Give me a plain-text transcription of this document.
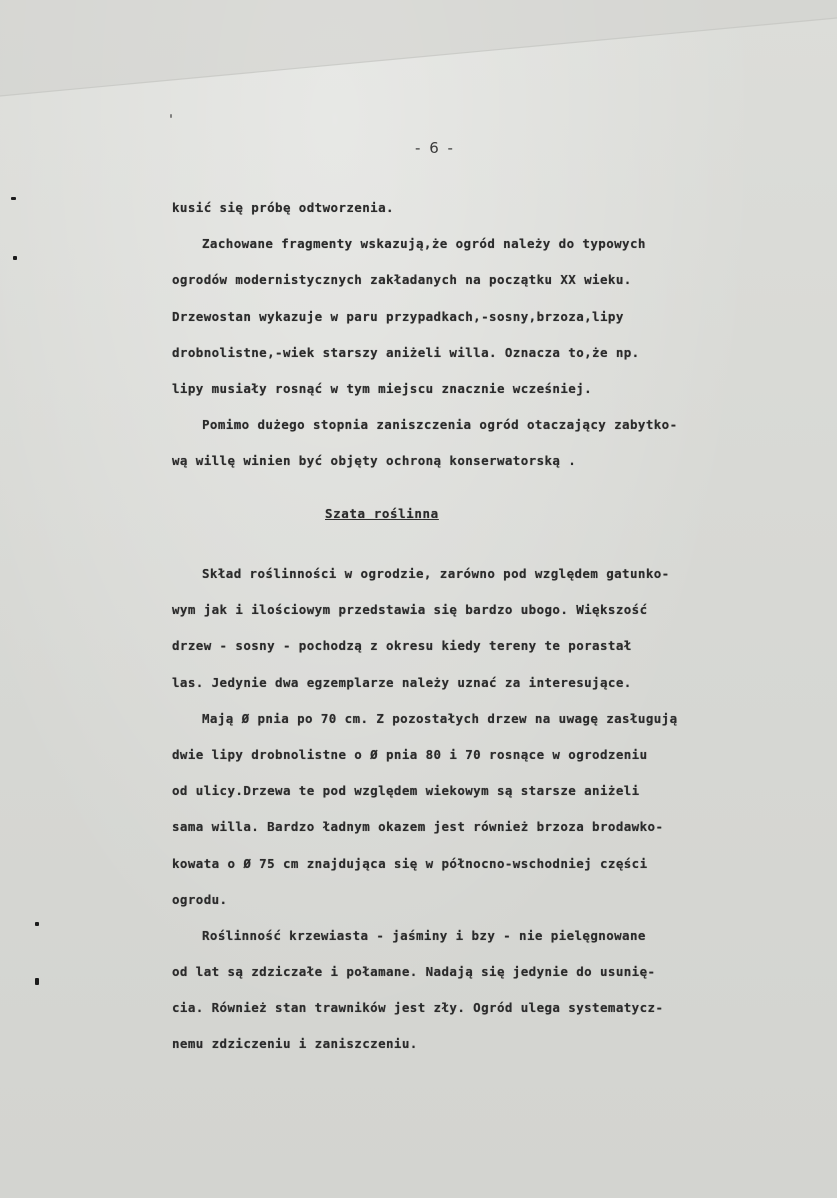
- 6 -
kusić się próbę odtworzenia.
Zachowane fragmenty wskazują,że ogród należy do typowych
ogrodów modernistycznych zakładanych na początku XX wieku.
Drzewostan wykazuje w paru przypadkach,-sosny,brzoza,lipy
drobnolistne,-wiek starszy aniżeli willa. Oznacza to,że np.
lipy musiały rosnąć w tym miejscu znacznie wcześniej.
Pomimo dużego stopnia zaniszczenia ogród otaczający zabytko-
wą willę winien być objęty ochroną konserwatorską .
Szata roślinna
Skład roślinności w ogrodzie, zarówno pod względem gatunko-
wym jak i ilościowym przedstawia się bardzo ubogo. Większość
drzew - sosny - pochodzą z okresu kiedy tereny te porastał
las. Jedynie dwa egzemplarze należy uznać za interesujące.
Mają Ø pnia po 70 cm. Z pozostałych drzew na uwagę zasługują
dwie lipy drobnolistne o Ø pnia 80 i 70 rosnące w ogrodzeniu
od ulicy.Drzewa te pod względem wiekowym są starsze aniżeli
sama willa. Bardzo ładnym okazem jest również brzoza brodawko-
kowata o Ø 75 cm znajdująca się w północno-wschodniej części
ogrodu.
Roślinność krzewiasta - jaśminy i bzy - nie pielęgnowane
od lat są zdziczałe i połamane. Nadają się jedynie do usunię-
cia. Również stan trawników jest zły. Ogród ulega systematycz-
nemu zdziczeniu i zaniszczeniu.
